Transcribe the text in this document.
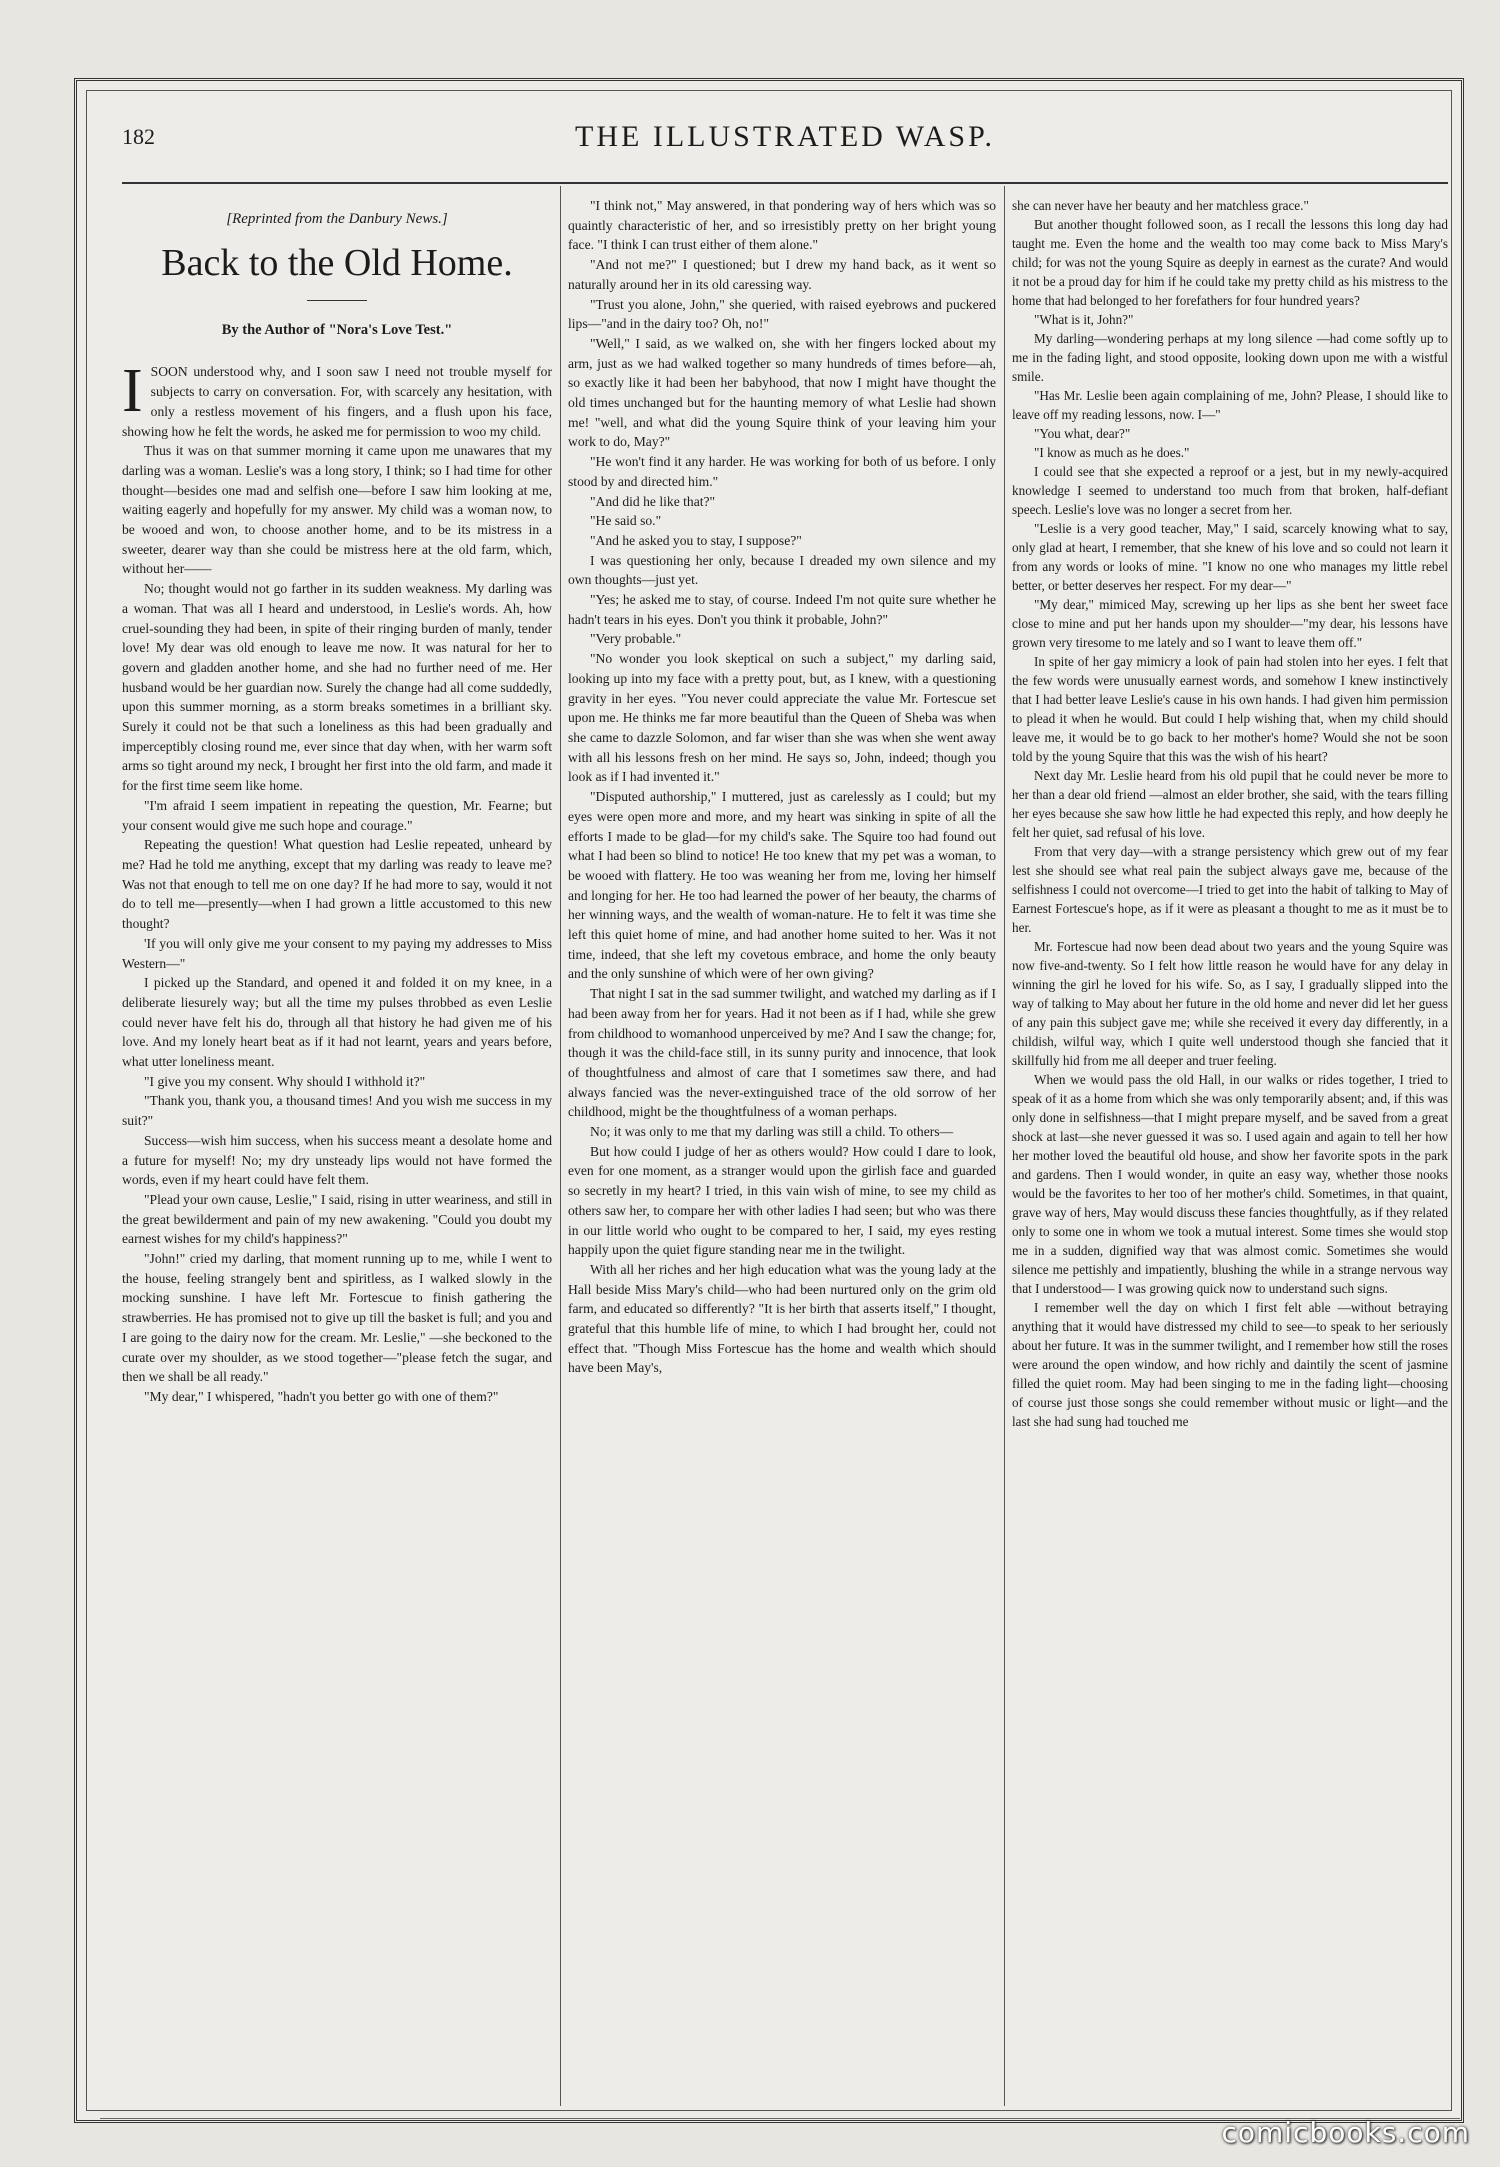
182	THE ILLUSTRATED WASP.
[Reprinted from the Danbury News.]
Back to the Old Home.
By the Author of "Nora's Love Test."

ISOON understood why, and I soon saw I need not trouble myself for subjects to carry on conversation. For, with scarcely any hesitation, with only a restless movement of his fingers, and a flush upon his face, showing how he felt the words, he asked me for permission to woo my child.

Thus it was on that summer morning it came upon me unawares that my darling was a woman. Leslie's was a long story, I think; so I had time for other thought—besides one mad and selfish one—before I saw him looking at me, waiting eagerly and hopefully for my answer. My child was a woman now, to be wooed and won, to choose another home, and to be its mistress in a sweeter, dearer way than she could be mistress here at the old farm, which, without her——

No; thought would not go farther in its sudden weakness. My darling was a woman. That was all I heard and understood, in Leslie's words. Ah, how cruel-sounding they had been, in spite of their ringing burden of manly, tender love! My dear was old enough to leave me now. It was natural for her to govern and gladden another home, and she had no further need of me. Her husband would be her guardian now. Surely the change had all come suddedly, upon this summer morning, as a storm breaks sometimes in a brilliant sky. Surely it could not be that such a loneliness as this had been gradually and imperceptibly closing round me, ever since that day when, with her warm soft arms so tight around my neck, I brought her first into the old farm, and made it for the first time seem like home.

"I'm afraid I seem impatient in repeating the question, Mr. Fearne; but your consent would give me such hope and courage."

Repeating the question! What question had Leslie repeated, unheard by me? Had he told me anything, except that my darling was ready to leave me? Was not that enough to tell me on one day? If he had more to say, would it not do to tell me—presently—when I had grown a little accustomed to this new thought?

'If you will only give me your consent to my paying my addresses to Miss Western—"

I picked up the Standard, and opened it and folded it on my knee, in a deliberate liesurely way; but all the time my pulses throbbed as even Leslie could never have felt his do, through all that history he had given me of his love. And my lonely heart beat as if it had not learnt, years and years before, what utter loneliness meant.

"I give you my consent. Why should I withhold it?"

"Thank you, thank you, a thousand times! And you wish me success in my suit?"

Success—wish him success, when his success meant a desolate home and a future for myself! No; my dry unsteady lips would not have formed the words, even if my heart could have felt them.

"Plead your own cause, Leslie," I said, rising in utter weariness, and still in the great bewilderment and pain of my new awakening. "Could you doubt my earnest wishes for my child's happiness?"

"John!" cried my darling, that moment running up to me, while I went to the house, feeling strangely bent and spiritless, as I walked slowly in the mocking sunshine. I have left Mr. Fortescue to finish gathering the strawberries. He has promised not to give up till the basket is full; and you and I are going to the dairy now for the cream. Mr. Leslie," —she beckoned to the curate over my shoulder, as we stood together—"please fetch the sugar, and then we shall be all ready."

"My dear," I whispered, "hadn't you better go with one of them?"

"I think not," May answered, in that pondering way of hers which was so quaintly characteristic of her, and so irresistibly pretty on her bright young face. "I think I can trust either of them alone."

"And not me?" I questioned; but I drew my hand back, as it went so naturally around her in its old caressing way.

"Trust you alone, John," she queried, with raised eyebrows and puckered lips—"and in the dairy too? Oh, no!"

"Well," I said, as we walked on, she with her fingers locked about my arm, just as we had walked together so many hundreds of times before—ah, so exactly like it had been her babyhood, that now I might have thought the old times unchanged but for the haunting memory of what Leslie had shown me! "well, and what did the young Squire think of your leaving him your work to do, May?"

"He won't find it any harder. He was working for both of us before. I only stood by and directed him."

"And did he like that?"

"He said so."

"And he asked you to stay, I suppose?"

I was questioning her only, because I dreaded my own silence and my own thoughts—just yet.

"Yes; he asked me to stay, of course. Indeed I'm not quite sure whether he hadn't tears in his eyes. Don't you think it probable, John?"

"Very probable."

"No wonder you look skeptical on such a subject," my darling said, looking up into my face with a pretty pout, but, as I knew, with a questioning gravity in her eyes. "You never could appreciate the value Mr. Fortescue set upon me. He thinks me far more beautiful than the Queen of Sheba was when she came to dazzle Solomon, and far wiser than she was when she went away with all his lessons fresh on her mind. He says so, John, indeed; though you look as if I had invented it."

"Disputed authorship," I muttered, just as carelessly as I could; but my eyes were open more and more, and my heart was sinking in spite of all the efforts I made to be glad—for my child's sake. The Squire too had found out what I had been so blind to notice! He too knew that my pet was a woman, to be wooed with flattery. He too was weaning her from me, loving her himself and longing for her. He too had learned the power of her beauty, the charms of her winning ways, and the wealth of woman-nature. He to felt it was time she left this quiet home of mine, and had another home suited to her. Was it not time, indeed, that she left my covetous embrace, and home the only beauty and the only sunshine of which were of her own giving?

That night I sat in the sad summer twilight, and watched my darling as if I had been away from her for years. Had it not been as if I had, while she grew from childhood to womanhood unperceived by me? And I saw the change; for, though it was the child-face still, in its sunny purity and innocence, that look of thoughtfulness and almost of care that I sometimes saw there, and had always fancied was the never-extinguished trace of the old sorrow of her childhood, might be the thoughtfulness of a woman perhaps.

No; it was only to me that my darling was still a child. To others—

But how could I judge of her as others would? How could I dare to look, even for one moment, as a stranger would upon the girlish face and guarded so secretly in my heart? I tried, in this vain wish of mine, to see my child as others saw her, to compare her with other ladies I had seen; but who was there in our little world who ought to be compared to her, I said, my eyes resting happily upon the quiet figure standing near me in the twilight.

With all her riches and her high education what was the young lady at the Hall beside Miss Mary's child—who had been nurtured only on the grim old farm, and educated so differently? "It is her birth that asserts itself," I thought, grateful that this humble life of mine, to which I had brought her, could not effect that. "Though Miss Fortescue has the home and wealth which should have been May's,

she can never have her beauty and her matchless grace."

But another thought followed soon, as I recall the lessons this long day had taught me. Even the home and the wealth too may come back to Miss Mary's child; for was not the young Squire as deeply in earnest as the curate? And would it not be a proud day for him if he could take my pretty child as his mistress to the home that had belonged to her forefathers for four hundred years?

"What is it, John?"

My darling—wondering perhaps at my long silence —had come softly up to me in the fading light, and stood opposite, looking down upon me with a wistful smile.

"Has Mr. Leslie been again complaining of me, John? Please, I should like to leave off my reading lessons, now. I—"

"You what, dear?"

"I know as much as he does."

I could see that she expected a reproof or a jest, but in my newly-acquired knowledge I seemed to understand too much from that broken, half-defiant speech. Leslie's love was no longer a secret from her.

"Leslie is a very good teacher, May," I said, scarcely knowing what to say, only glad at heart, I remember, that she knew of his love and so could not learn it from any words or looks of mine. "I know no one who manages my little rebel better, or better deserves her respect. For my dear—"

"My dear," mimiced May, screwing up her lips as she bent her sweet face close to mine and put her hands upon my shoulder—"my dear, his lessons have grown very tiresome to me lately and so I want to leave them off."

In spite of her gay mimicry a look of pain had stolen into her eyes. I felt that the few words were unusually earnest words, and somehow I knew instinctively that I had better leave Leslie's cause in his own hands. I had given him permission to plead it when he would. But could I help wishing that, when my child should leave me, it would be to go back to her mother's home? Would she not be soon told by the young Squire that this was the wish of his heart?

Next day Mr. Leslie heard from his old pupil that he could never be more to her than a dear old friend —almost an elder brother, she said, with the tears filling her eyes because she saw how little he had expected this reply, and how deeply he felt her quiet, sad refusal of his love.

From that very day—with a strange persistency which grew out of my fear lest she should see what real pain the subject always gave me, because of the selfishness I could not overcome—I tried to get into the habit of talking to May of Earnest Fortescue's hope, as if it were as pleasant a thought to me as it must be to her.

Mr. Fortescue had now been dead about two years and the young Squire was now five-and-twenty. So I felt how little reason he would have for any delay in winning the girl he loved for his wife. So, as I say, I gradually slipped into the way of talking to May about her future in the old home and never did let her guess of any pain this subject gave me; while she received it every day differently, in a childish, wilful way, which I quite well understood though she fancied that it skillfully hid from me all deeper and truer feeling.

When we would pass the old Hall, in our walks or rides together, I tried to speak of it as a home from which she was only temporarily absent; and, if this was only done in selfishness—that I might prepare myself, and be saved from a great shock at last—she never guessed it was so. I used again and again to tell her how her mother loved the beautiful old house, and show her favorite spots in the park and gardens. Then I would wonder, in quite an easy way, whether those nooks would be the favorites to her too of her mother's child. Sometimes, in that quaint, grave way of hers, May would discuss these fancies thoughtfully, as if they related only to some one in whom we took a mutual interest. Some times she would stop me in a sudden, dignified way that was almost comic. Sometimes she would silence me pettishly and impatiently, blushing the while in a strange nervous way that I understood— I was growing quick now to understand such signs.

I remember well the day on which I first felt able —without betraying anything that it would have distressed my child to see—to speak to her seriously about her future. It was in the summer twilight, and I remember how still the roses were around the open window, and how richly and daintily the scent of jasmine filled the quiet room. May had been singing to me in the fading light—choosing of course just those songs she could remember without music or light—and the last she had sung had touched me

comicbooks.com
